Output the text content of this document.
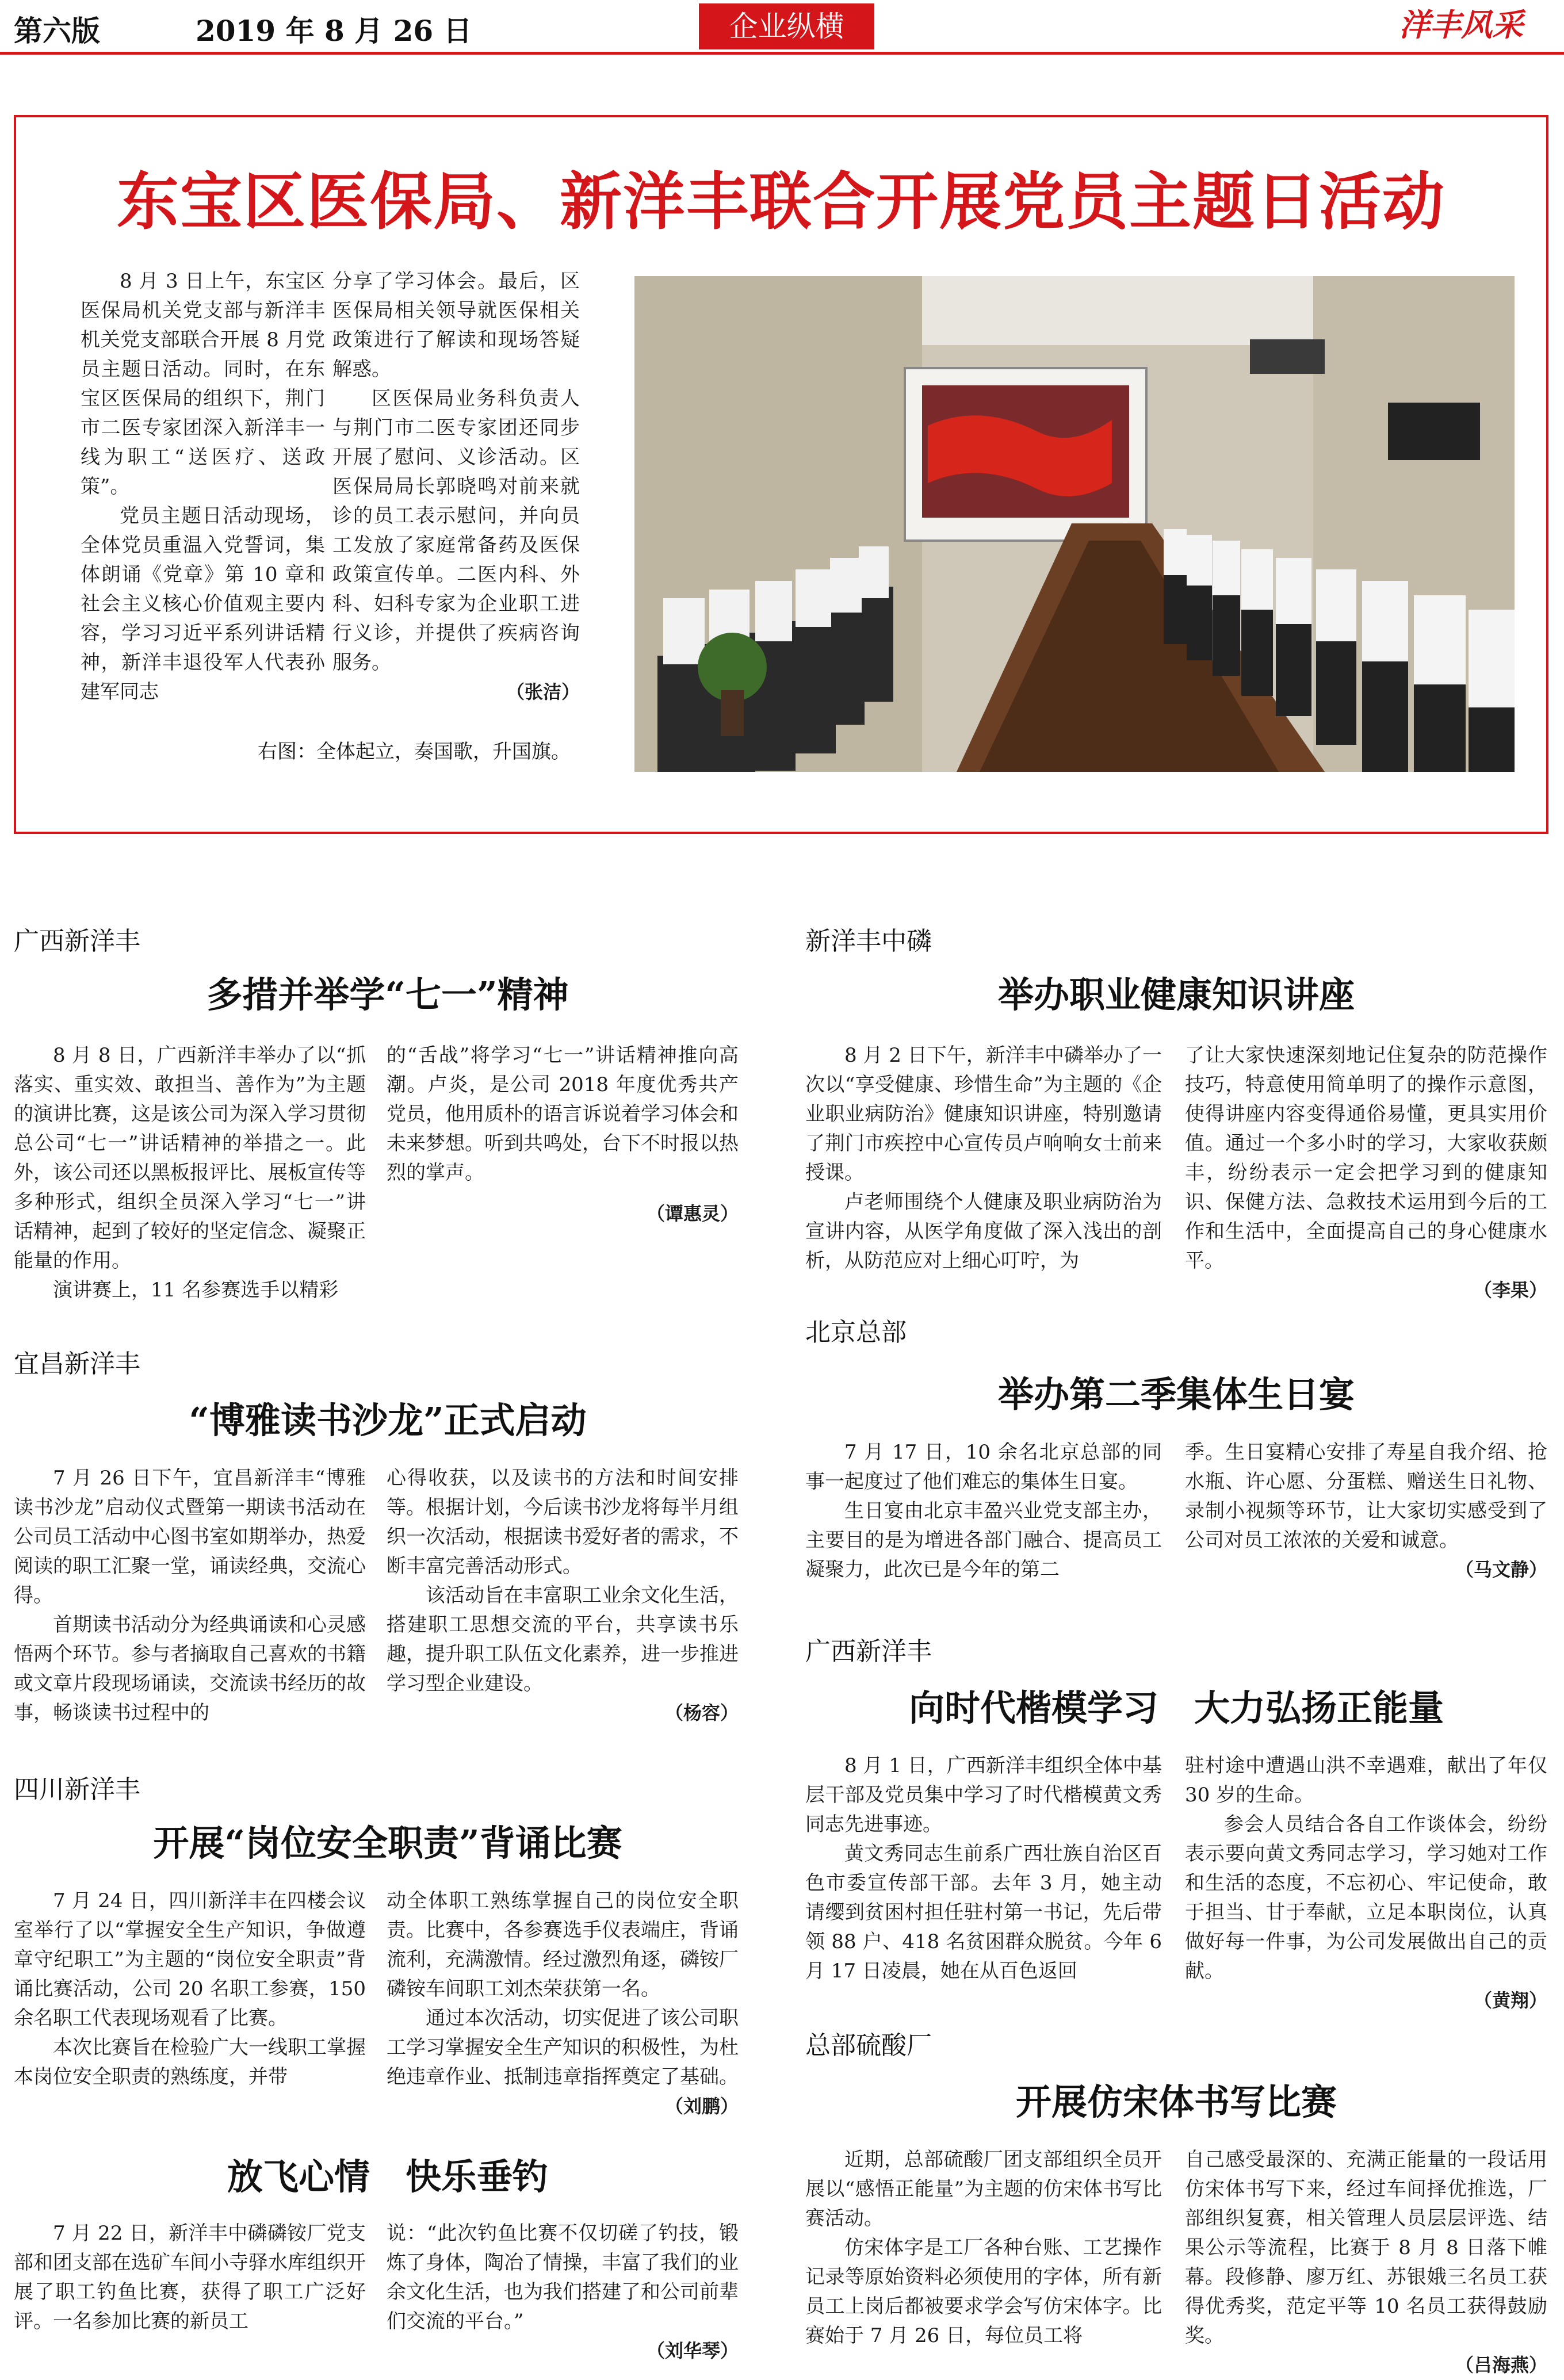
第六版	2019 年 8 月 26 日	企业纵横	洋丰风采
东宝区医保局、新洋丰联合开展党员主题日活动

8 月 3 日上午，东宝区医保局机关党支部与新洋丰机关党支部联合开展 8 月党员主题日活动。同时，在东宝区医保局的组织下，荆门市二医专家团深入新洋丰一线为职工“送医疗、送政策”。

党员主题日活动现场，全体党员重温入党誓词，集体朗诵《党章》第 10 章和社会主义核心价值观主要内容，学习习近平系列讲话精神，新洋丰退役军人代表孙建军同志

分享了学习体会。最后，区医保局相关领导就医保相关政策进行了解读和现场答疑解惑。

区医保局业务科负责人与荆门市二医专家团还同步开展了慰问、义诊活动。区医保局局长郭晓鸣对前来就诊的员工表示慰问，并向员工发放了家庭常备药及医保政策宣传单。二医内科、外科、妇科专家为企业职工进行义诊，并提供了疾病咨询服务。

（张洁）
右图：全体起立，奏国歌，升国旗。
广西新洋丰
多措并举学“七一”精神

8 月 8 日，广西新洋丰举办了以“抓落实、重实效、敢担当、善作为”为主题的演讲比赛，这是该公司为深入学习贯彻总公司“七一”讲话精神的举措之一。此外，该公司还以黑板报评比、展板宣传等多种形式，组织全员深入学习“七一”讲话精神，起到了较好的坚定信念、凝聚正能量的作用。

演讲赛上，11 名参赛选手以精彩

的“舌战”将学习“七一”讲话精神推向高潮。卢炎，是公司 2018 年度优秀共产党员，他用质朴的语言诉说着学习体会和未来梦想。听到共鸣处，台下不时报以热烈的掌声。

（谭惠灵）
宜昌新洋丰
“博雅读书沙龙”正式启动

7 月 26 日下午，宜昌新洋丰“博雅读书沙龙”启动仪式暨第一期读书活动在公司员工活动中心图书室如期举办，热爱阅读的职工汇聚一堂，诵读经典，交流心得。

首期读书活动分为经典诵读和心灵感悟两个环节。参与者摘取自己喜欢的书籍或文章片段现场诵读，交流读书经历的故事，畅谈读书过程中的

心得收获，以及读书的方法和时间安排等。根据计划，今后读书沙龙将每半月组织一次活动，根据读书爱好者的需求，不断丰富完善活动形式。

该活动旨在丰富职工业余文化生活，搭建职工思想交流的平台，共享读书乐趣，提升职工队伍文化素养，进一步推进学习型企业建设。

（杨容）
四川新洋丰
开展“岗位安全职责”背诵比赛

7 月 24 日，四川新洋丰在四楼会议室举行了以“掌握安全生产知识，争做遵章守纪职工”为主题的“岗位安全职责”背诵比赛活动，公司 20 名职工参赛，150 余名职工代表现场观看了比赛。

本次比赛旨在检验广大一线职工掌握本岗位安全职责的熟练度，并带

动全体职工熟练掌握自己的岗位安全职责。比赛中，各参赛选手仪表端庄，背诵流利，充满激情。经过激烈角逐，磷铵厂磷铵车间职工刘杰荣获第一名。

通过本次活动，切实促进了该公司职工学习掌握安全生产知识的积极性，为杜绝违章作业、抵制违章指挥奠定了基础。

（刘鹏）
放飞心情　快乐垂钓

7 月 22 日，新洋丰中磷磷铵厂党支部和团支部在选矿车间小寺驿水库组织开展了职工钓鱼比赛，获得了职工广泛好评。一名参加比赛的新员工

说：“此次钓鱼比赛不仅切磋了钓技，锻炼了身体，陶冶了情操，丰富了我们的业余文化生活，也为我们搭建了和公司前辈们交流的平台。”

（刘华琴）
新洋丰中磷
举办职业健康知识讲座

8 月 2 日下午，新洋丰中磷举办了一次以“享受健康、珍惜生命”为主题的《企业职业病防治》健康知识讲座，特别邀请了荆门市疾控中心宣传员卢响响女士前来授课。

卢老师围绕个人健康及职业病防治为宣讲内容，从医学角度做了深入浅出的剖析，从防范应对上细心叮咛，为

了让大家快速深刻地记住复杂的防范操作技巧，特意使用简单明了的操作示意图，使得讲座内容变得通俗易懂，更具实用价值。通过一个多小时的学习，大家收获颇丰，纷纷表示一定会把学习到的健康知识、保健方法、急救技术运用到今后的工作和生活中，全面提高自己的身心健康水平。

（李果）
北京总部
举办第二季集体生日宴

7 月 17 日，10 余名北京总部的同事一起度过了他们难忘的集体生日宴。

生日宴由北京丰盈兴业党支部主办，主要目的是为增进各部门融合、提高员工凝聚力，此次已是今年的第二

季。生日宴精心安排了寿星自我介绍、抢水瓶、许心愿、分蛋糕、赠送生日礼物、录制小视频等环节，让大家切实感受到了公司对员工浓浓的关爱和诚意。

（马文静）
广西新洋丰
向时代楷模学习　大力弘扬正能量

8 月 1 日，广西新洋丰组织全体中基层干部及党员集中学习了时代楷模黄文秀同志先进事迹。

黄文秀同志生前系广西壮族自治区百色市委宣传部干部。去年 3 月，她主动请缨到贫困村担任驻村第一书记，先后带领 88 户、418 名贫困群众脱贫。今年 6 月 17 日凌晨，她在从百色返回

驻村途中遭遇山洪不幸遇难，献出了年仅 30 岁的生命。

参会人员结合各自工作谈体会，纷纷表示要向黄文秀同志学习，学习她对工作和生活的态度，不忘初心、牢记使命，敢于担当、甘于奉献，立足本职岗位，认真做好每一件事，为公司发展做出自己的贡献。

（黄翔）
总部硫酸厂
开展仿宋体书写比赛

近期，总部硫酸厂团支部组织全员开展以“感悟正能量”为主题的仿宋体书写比赛活动。

仿宋体字是工厂各种台账、工艺操作记录等原始资料必须使用的字体，所有新员工上岗后都被要求学会写仿宋体字。比赛始于 7 月 26 日，每位员工将

自己感受最深的、充满正能量的一段话用仿宋体书写下来，经过车间择优推选，厂部组织复赛，相关管理人员层层评选、结果公示等流程，比赛于 8 月 8 日落下帷幕。段修静、廖万红、苏银娥三名员工获得优秀奖，范定平等 10 名员工获得鼓励奖。

（吕海燕）
